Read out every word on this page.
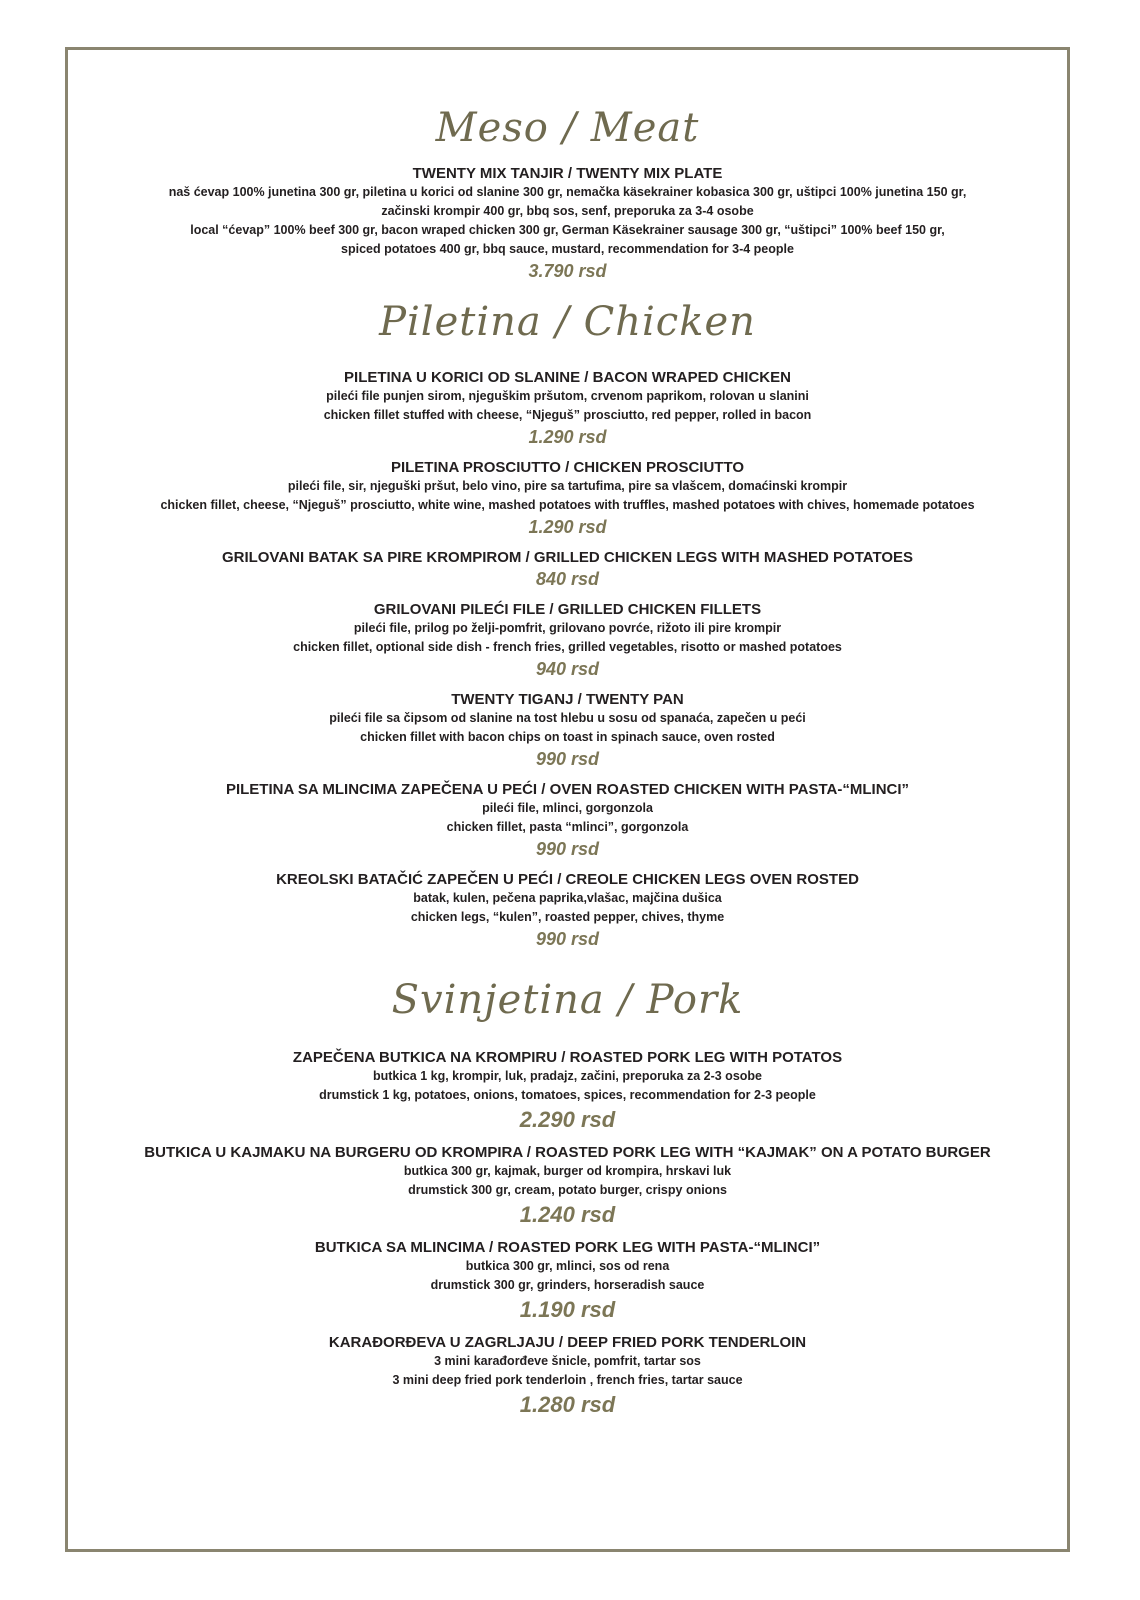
Meso / Meat
TWENTY MIX TANJIR / TWENTY MIX PLATE
naš ćevap 100% junetina 300 gr, piletina u korici od slanine 300 gr, nemačka käsekrainer kobasica 300 gr, uštipci 100% junetina 150 gr,
začinski krompir 400 gr, bbq sos, senf, preporuka za 3-4 osobe
local “ćevap” 100% beef 300 gr, bacon wraped chicken 300 gr, German Käsekrainer sausage 300 gr, “uštipci” 100% beef 150 gr,
spiced potatoes 400 gr, bbq sauce, mustard, recommendation for 3-4 people
3.790 rsd
Piletina / Chicken
PILETINA U KORICI OD SLANINE / BACON WRAPED CHICKEN
pileći file punjen sirom, njeguškim pršutom, crvenom paprikom, rolovan u slanini
chicken fillet stuffed with cheese, “Njeguš” prosciutto, red pepper, rolled in bacon
1.290 rsd
PILETINA PROSCIUTTO / CHICKEN PROSCIUTTO
pileći file, sir, njeguški pršut, belo vino, pire sa tartufima, pire sa vlašcem, domaćinski krompir
chicken fillet, cheese, “Njeguš” prosciutto, white wine, mashed potatoes with truffles, mashed potatoes with chives, homemade potatoes
1.290 rsd
GRILOVANI BATAK SA PIRE KROMPIROM / GRILLED CHICKEN LEGS WITH MASHED POTATOES
840 rsd
GRILOVANI PILEĆI FILE / GRILLED CHICKEN FILLETS
pileći file, prilog po želji-pomfrit, grilovano povrće, rižoto ili pire krompir
chicken fillet, optional side dish - french fries, grilled vegetables, risotto or mashed potatoes
940 rsd
TWENTY TIGANJ / TWENTY PAN
pileći file sa čipsom od slanine na tost hlebu u sosu od spanaća, zapečen u peći
chicken fillet with bacon chips on toast in spinach sauce, oven rosted
990 rsd
PILETINA SA MLINCIMA ZAPEČENA U PEĆI / OVEN ROASTED CHICKEN WITH PASTA-“MLINCI”
pileći file, mlinci, gorgonzola
chicken fillet, pasta “mlinci”, gorgonzola
990 rsd
KREOLSKI BATAČIĆ ZAPEČEN U PEĆI / CREOLE CHICKEN LEGS OVEN ROSTED
batak, kulen, pečena paprika,vlašac, majčina dušica
chicken legs, “kulen”, roasted pepper, chives, thyme
990 rsd
Svinjetina / Pork
ZAPEČENA BUTKICA NA KROMPIRU / ROASTED PORK LEG WITH POTATOS
butkica 1 kg, krompir, luk, pradajz, začini, preporuka za 2-3 osobe
drumstick 1 kg, potatoes, onions, tomatoes, spices, recommendation for 2-3 people
2.290 rsd
BUTKICA U KAJMAKU NA BURGERU OD KROMPIRA / ROASTED PORK LEG WITH “KAJMAK” ON A POTATO BURGER
butkica 300 gr, kajmak, burger od krompira, hrskavi luk
drumstick 300 gr, cream, potato burger, crispy onions
1.240 rsd
BUTKICA SA MLINCIMA / ROASTED PORK LEG WITH PASTA-“MLINCI”
butkica 300 gr, mlinci, sos od rena
drumstick 300 gr, grinders, horseradish sauce
1.190 rsd
KARAĐORĐEVA U ZAGRLJAJU / DEEP FRIED PORK TENDERLOIN
3 mini karađorđeve šnicle, pomfrit, tartar sos
3 mini deep fried pork tenderloin , french fries, tartar sauce
1.280 rsd
